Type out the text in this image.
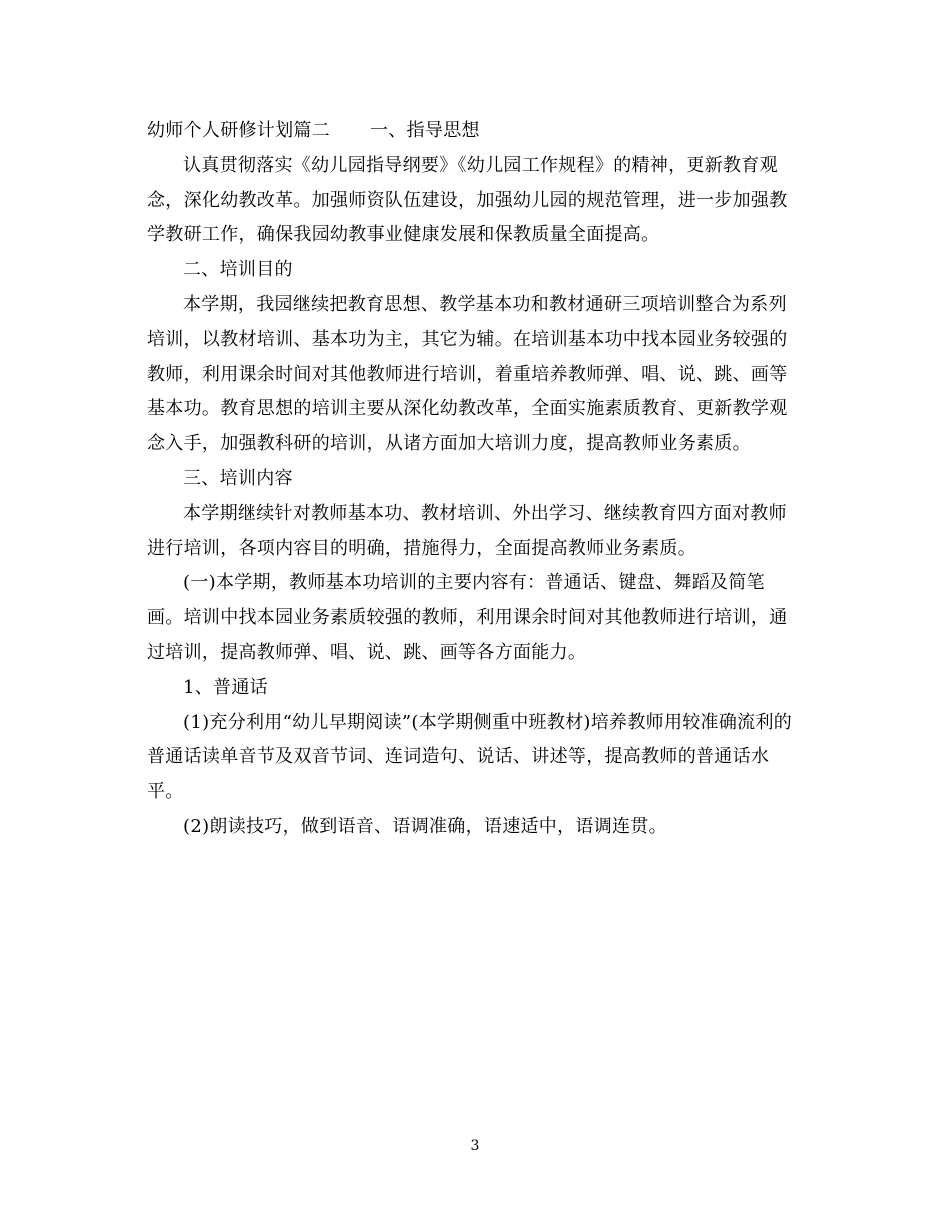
幼师个人研修计划篇二 一、指导思想
认真贯彻落实《幼儿园指导纲要》《幼儿园工作规程》的精神，更新教育观
念，深化幼教改革。加强师资队伍建设，加强幼儿园的规范管理，进一步加强教
学教研工作，确保我园幼教事业健康发展和保教质量全面提高。
二、培训目的
本学期，我园继续把教育思想、教学基本功和教材通研三项培训整合为系列
培训，以教材培训、基本功为主，其它为辅。在培训基本功中找本园业务较强的
教师，利用课余时间对其他教师进行培训，着重培养教师弹、唱、说、跳、画等
基本功。教育思想的培训主要从深化幼教改革，全面实施素质教育、更新教学观
念入手，加强教科研的培训，从诸方面加大培训力度，提高教师业务素质。
三、培训内容
本学期继续针对教师基本功、教材培训、外出学习、继续教育四方面对教师
进行培训，各项内容目的明确，措施得力，全面提高教师业务素质。
(一)本学期，教师基本功培训的主要内容有：普通话、键盘、舞蹈及简笔
画。培训中找本园业务素质较强的教师，利用课余时间对其他教师进行培训，通
过培训，提高教师弹、唱、说、跳、画等各方面能力。
1、普通话
(1)充分利用“幼儿早期阅读”(本学期侧重中班教材)培养教师用较准确流利的
普通话读单音节及双音节词、连词造句、说话、讲述等，提高教师的普通话水
平。
(2)朗读技巧，做到语音、语调准确，语速适中，语调连贯。
3
